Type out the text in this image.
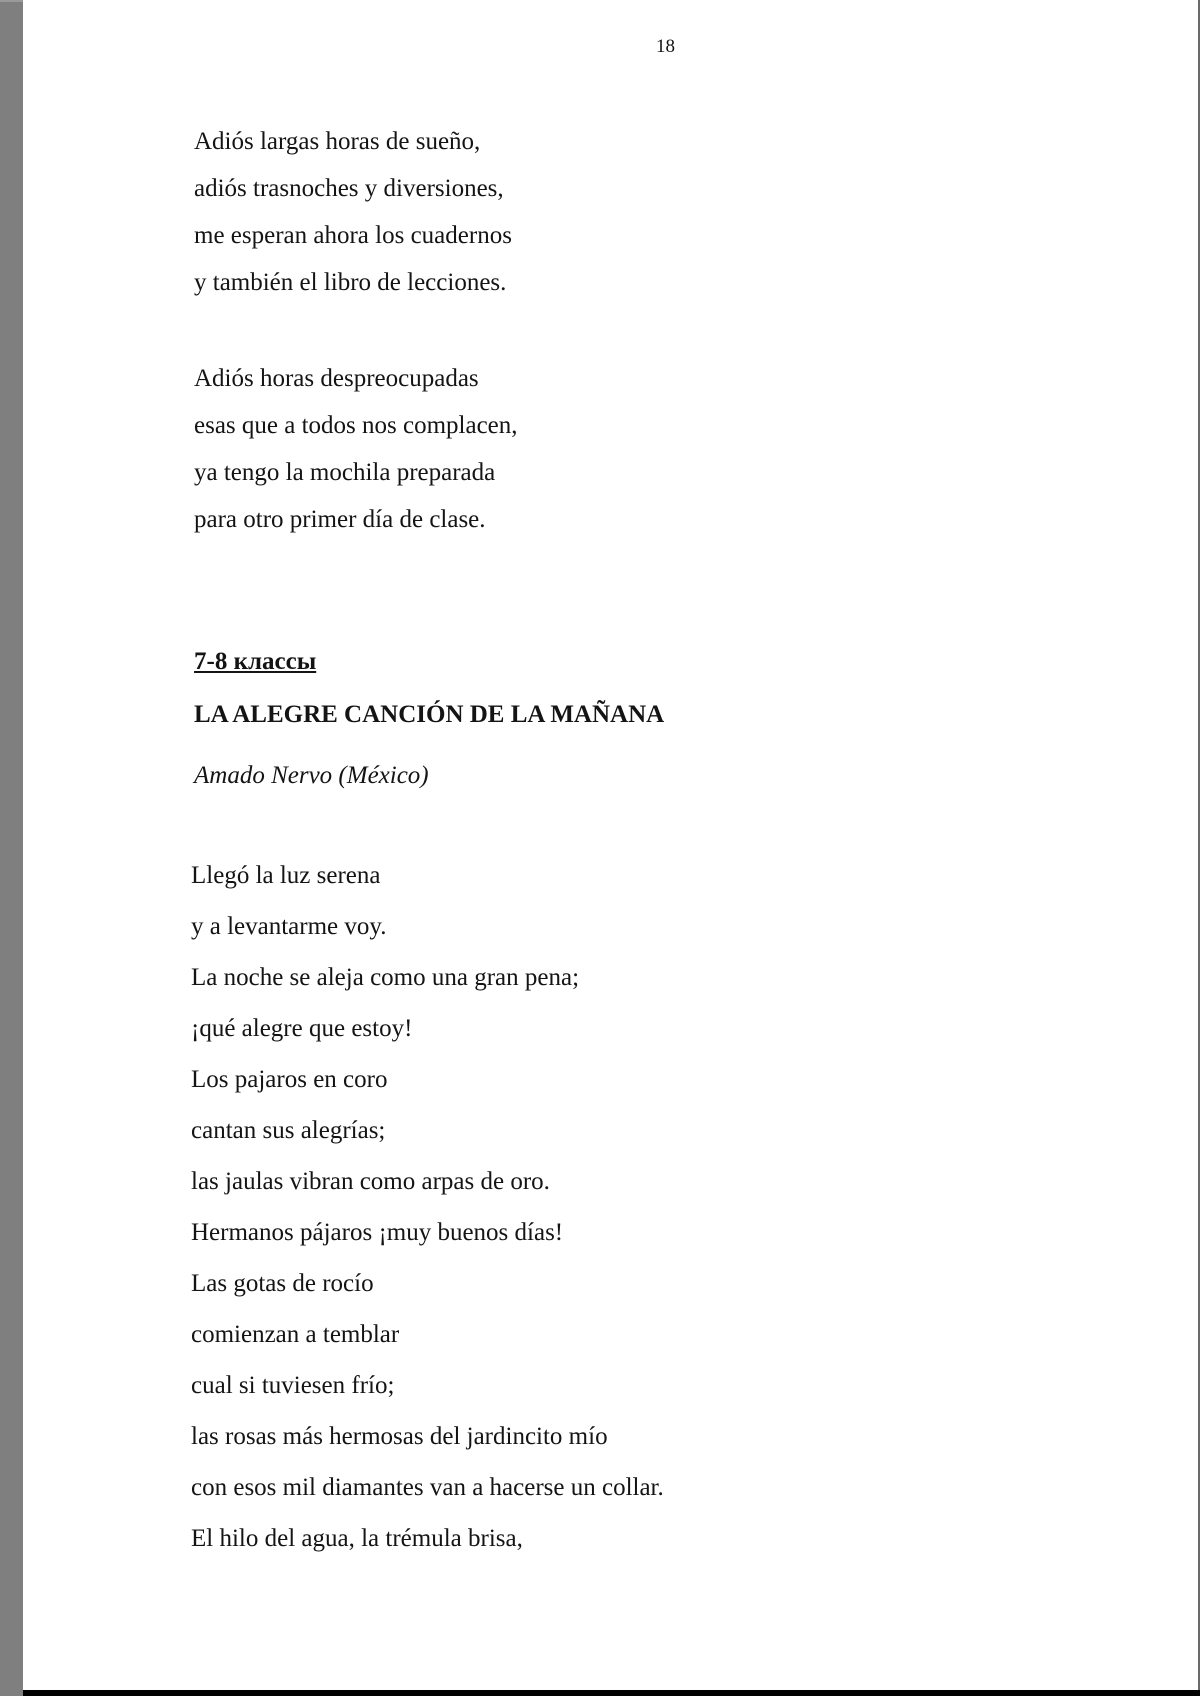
18
Adiós largas horas de sueño,
adiós trasnoches y diversiones,
me esperan ahora los cuadernos
y también el libro de lecciones.
Adiós horas despreocupadas
esas que a todos nos complacen,
ya tengo la mochila preparada
para otro primer día de clase.
7-8 классы
LA ALEGRE CANCIÓN DE LA MAÑANA
Amado Nervo (México)
Llegó la luz serena
y a levantarme voy.
La noche se aleja como una gran pena;
¡qué alegre que estoy!
Los pajaros en coro
cantan sus alegrías;
las jaulas vibran como arpas de oro.
Hermanos pájaros ¡muy buenos días!
Las gotas de rocío
comienzan a temblar
cual si tuviesen frío;
las rosas más hermosas del jardincito mío
con esos mil diamantes van a hacerse un collar.
El hilo del agua, la trémula brisa,
